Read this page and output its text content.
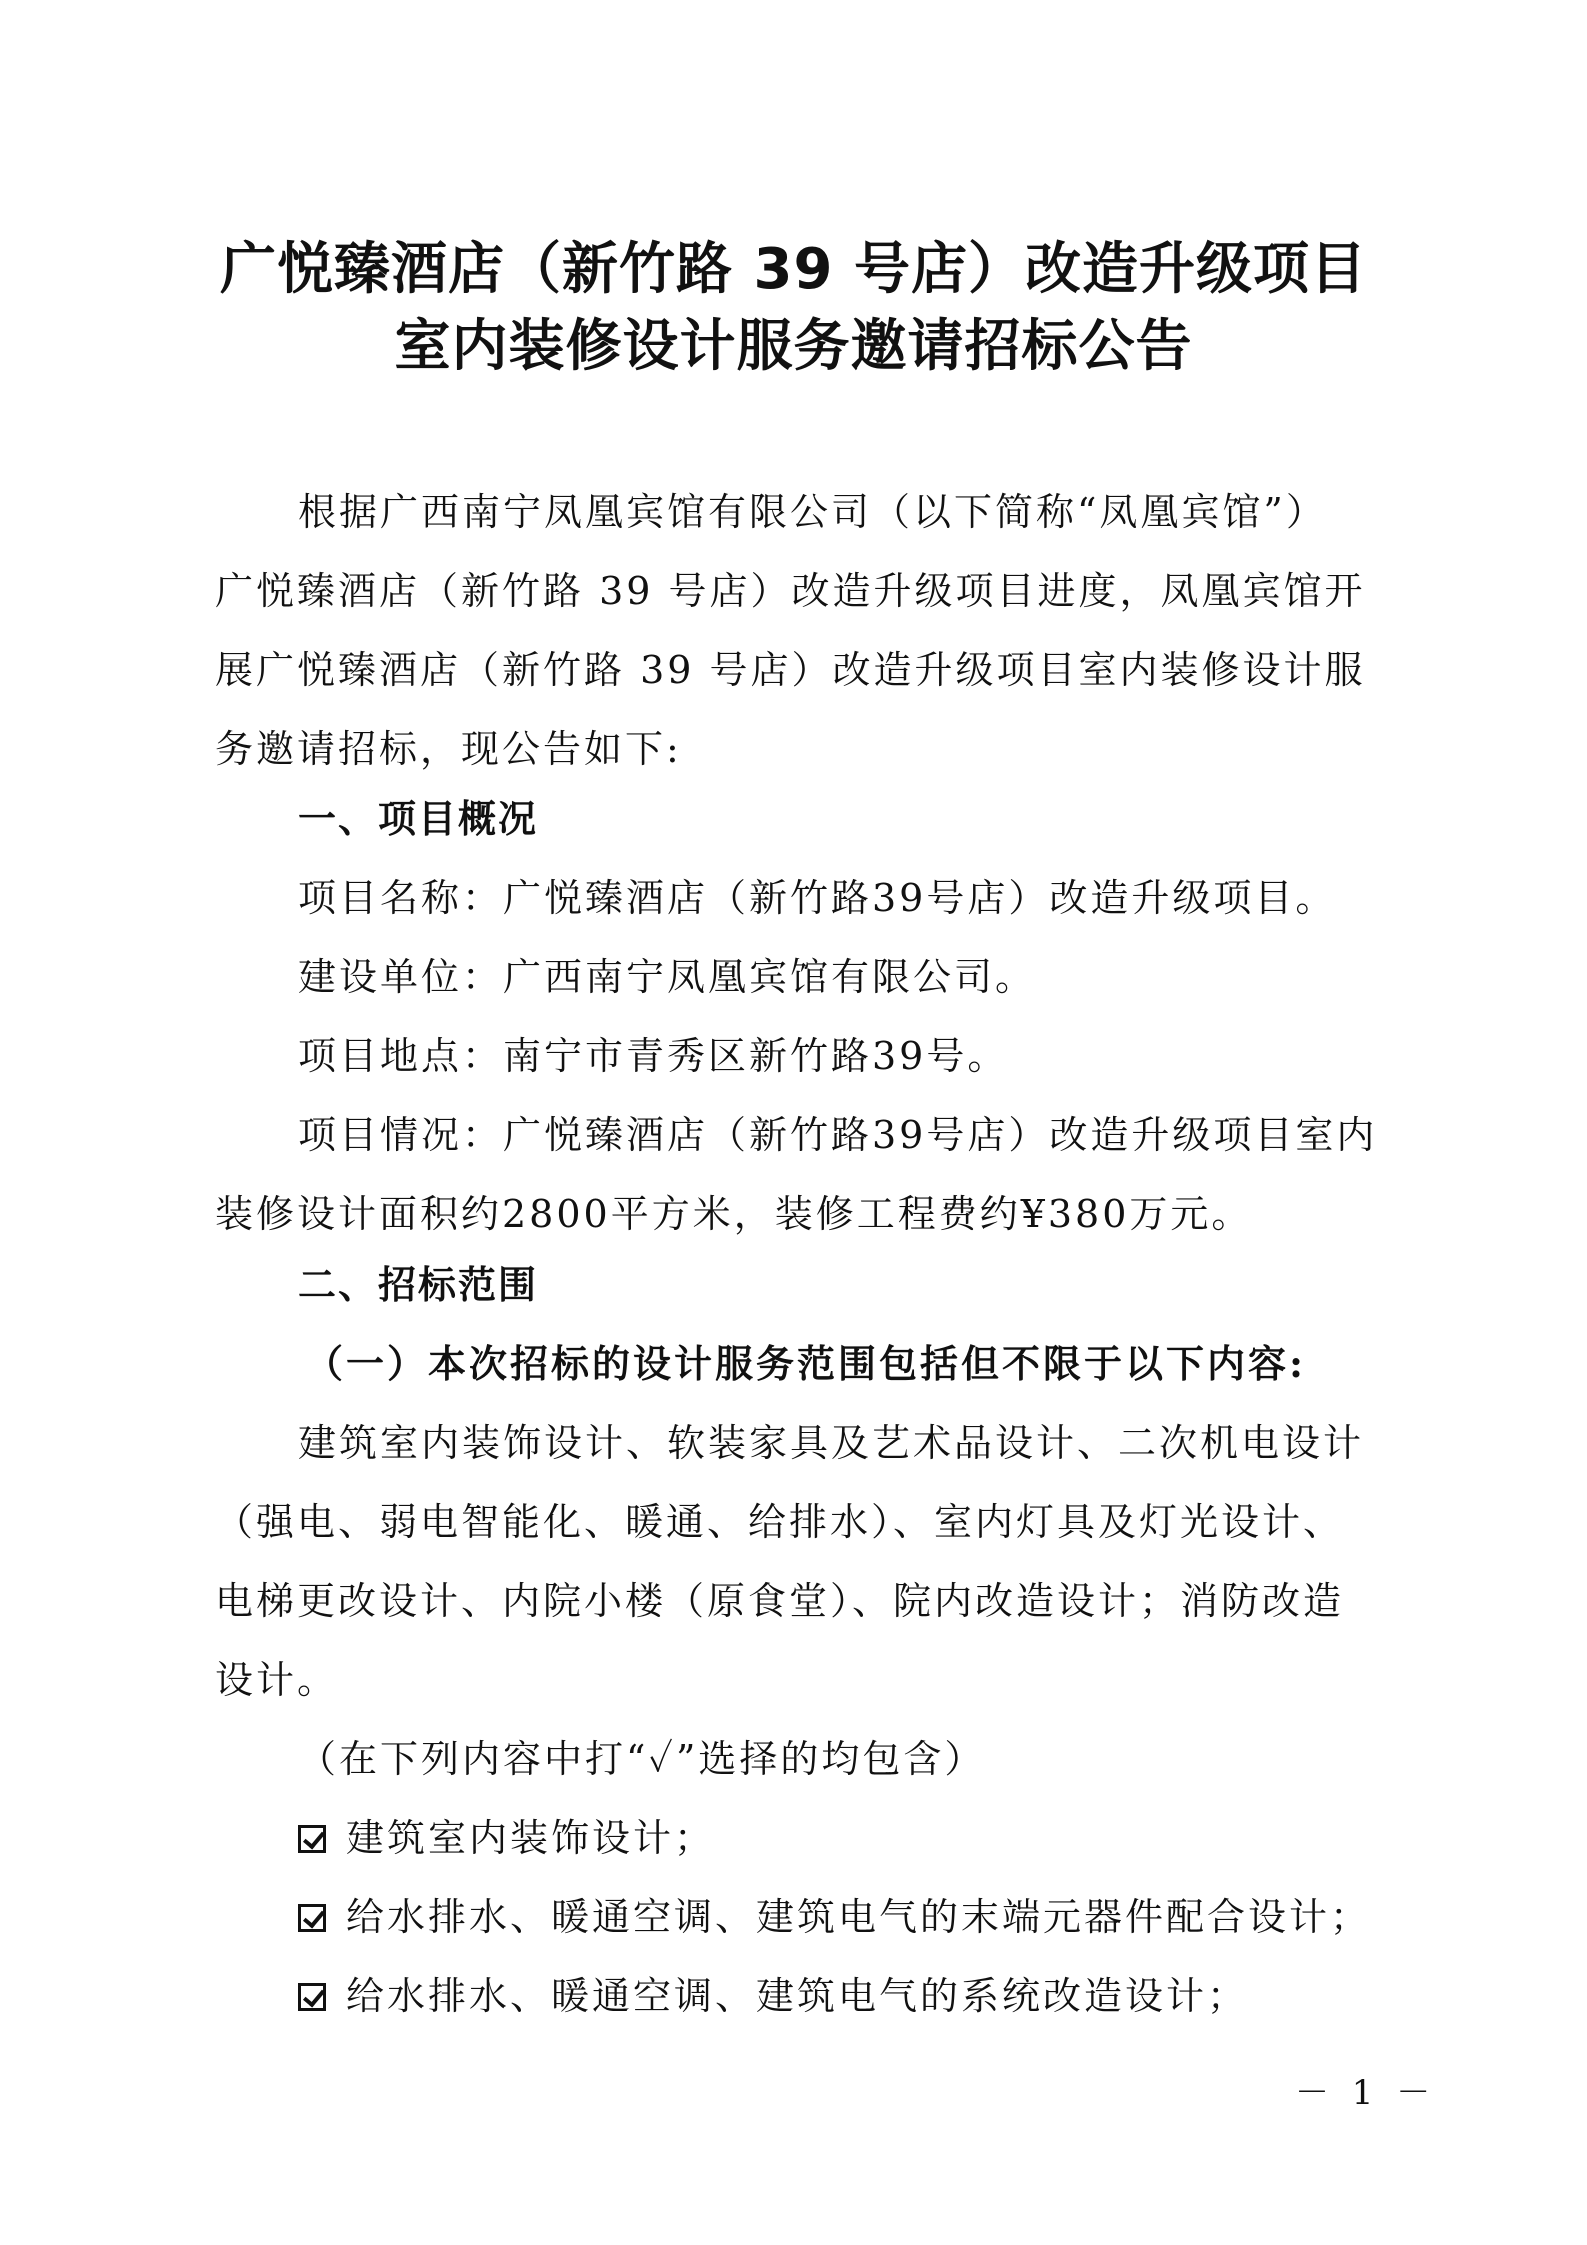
广悦臻酒店（新竹路 39 号店）改造升级项目
室内装修设计服务邀请招标公告
根据广西南宁凤凰宾馆有限公司（以下简称“凤凰宾馆”）
广悦臻酒店（新竹路 39 号店）改造升级项目进度，凤凰宾馆开
展广悦臻酒店（新竹路 39 号店）改造升级项目室内装修设计服
务邀请招标，现公告如下:
一、项目概况
项目名称：广悦臻酒店（新竹路39号店）改造升级项目。
建设单位：广西南宁凤凰宾馆有限公司。
项目地点：南宁市青秀区新竹路39号。
项目情况：广悦臻酒店（新竹路39号店）改造升级项目室内
装修设计面积约2800平方米，装修工程费约¥380万元。
二、招标范围
（一）本次招标的设计服务范围包括但不限于以下内容:
建筑室内装饰设计、软装家具及艺术品设计、二次机电设计
（强电、弱电智能化、暖通、给排水）、室内灯具及灯光设计、
电梯更改设计、内院小楼（原食堂）、院内改造设计；消防改造
设计。
（在下列内容中打“✓”选择的均包含）
建筑室内装饰设计；
给水排水、暖通空调、建筑电气的末端元器件配合设计；
给水排水、暖通空调、建筑电气的系统改造设计；
－ 1 －
